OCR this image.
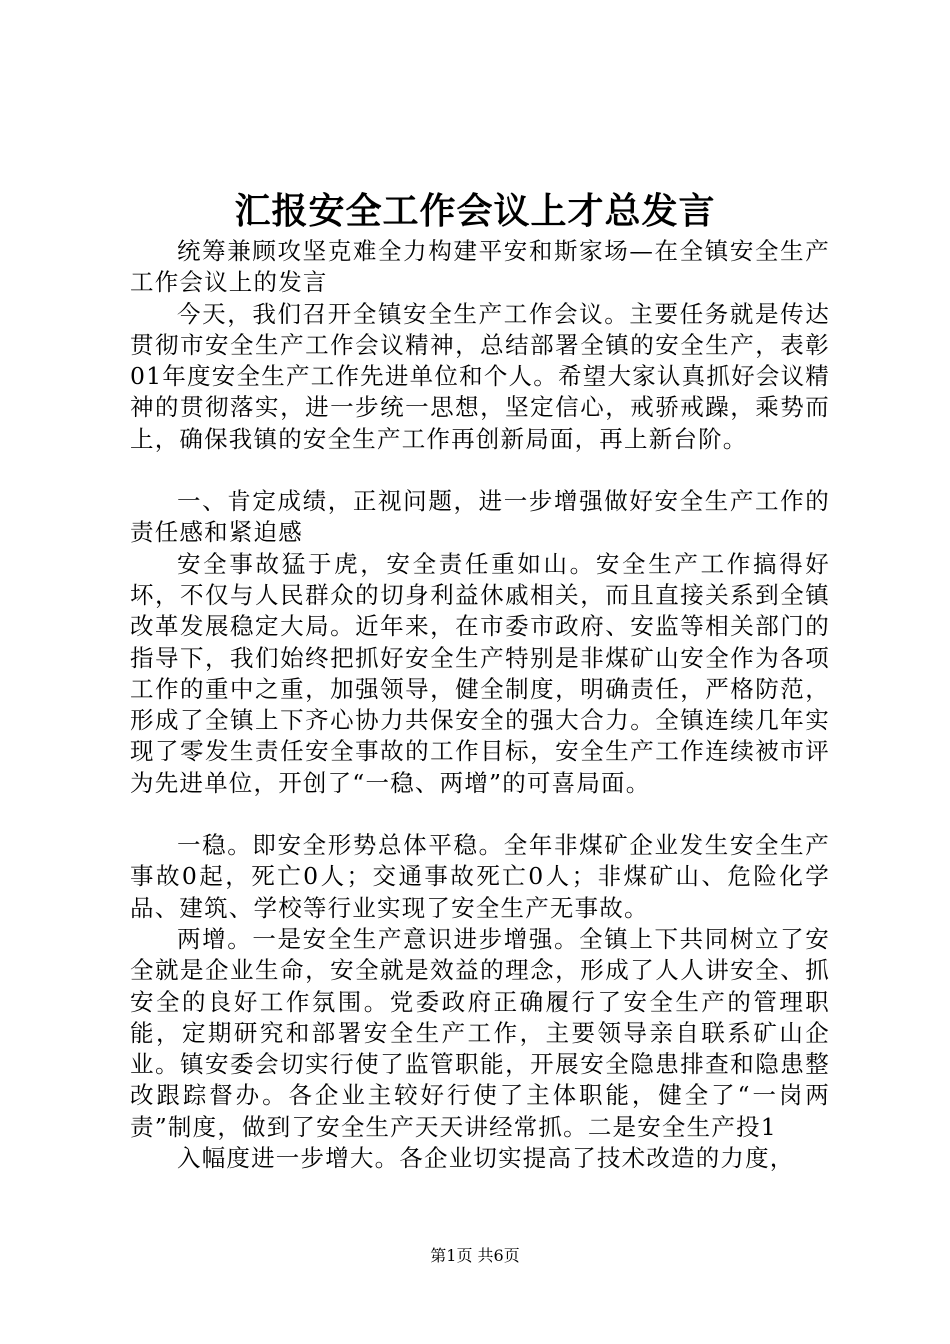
汇报安全工作会议上才总发言

统筹兼顾攻坚克难全力构建平安和斯家场—在全镇安全生产工作会议上的发言

今天，我们召开全镇安全生产工作会议。主要任务就是传达贯彻市安全生产工作会议精神，总结部署全镇的安全生产，表彰01年度安全生产工作先进单位和个人。希望大家认真抓好会议精神的贯彻落实，进一步统一思想，坚定信心，戒骄戒躁，乘势而上，确保我镇的安全生产工作再创新局面，再上新台阶。

一、肯定成绩，正视问题，进一步增强做好安全生产工作的责任感和紧迫感

安全事故猛于虎，安全责任重如山。安全生产工作搞得好坏，不仅与人民群众的切身利益休戚相关，而且直接关系到全镇改革发展稳定大局。近年来，在市委市政府、安监等相关部门的指导下，我们始终把抓好安全生产特别是非煤矿山安全作为各项工作的重中之重，加强领导，健全制度，明确责任，严格防范，形成了全镇上下齐心协力共保安全的强大合力。全镇连续几年实现了零发生责任安全事故的工作目标，安全生产工作连续被市评为先进单位，开创了“一稳、两增”的可喜局面。

一稳。即安全形势总体平稳。全年非煤矿企业发生安全生产事故0起，死亡0人；交通事故死亡0人；非煤矿山、危险化学品、建筑、学校等行业实现了安全生产无事故。

两增。一是安全生产意识进步增强。全镇上下共同树立了安全就是企业生命，安全就是效益的理念，形成了人人讲安全、抓安全的良好工作氛围。党委政府正确履行了安全生产的管理职能，定期研究和部署安全生产工作，主要领导亲自联系矿山企业。镇安委会切实行使了监管职能，开展安全隐患排查和隐患整改跟踪督办。各企业主较好行使了主体职能，健全了“一岗两责”制度，做到了安全生产天天讲经常抓。二是安全生产投1

入幅度进一步增大。各企业切实提高了技术改造的力度，

第1页 共6页
